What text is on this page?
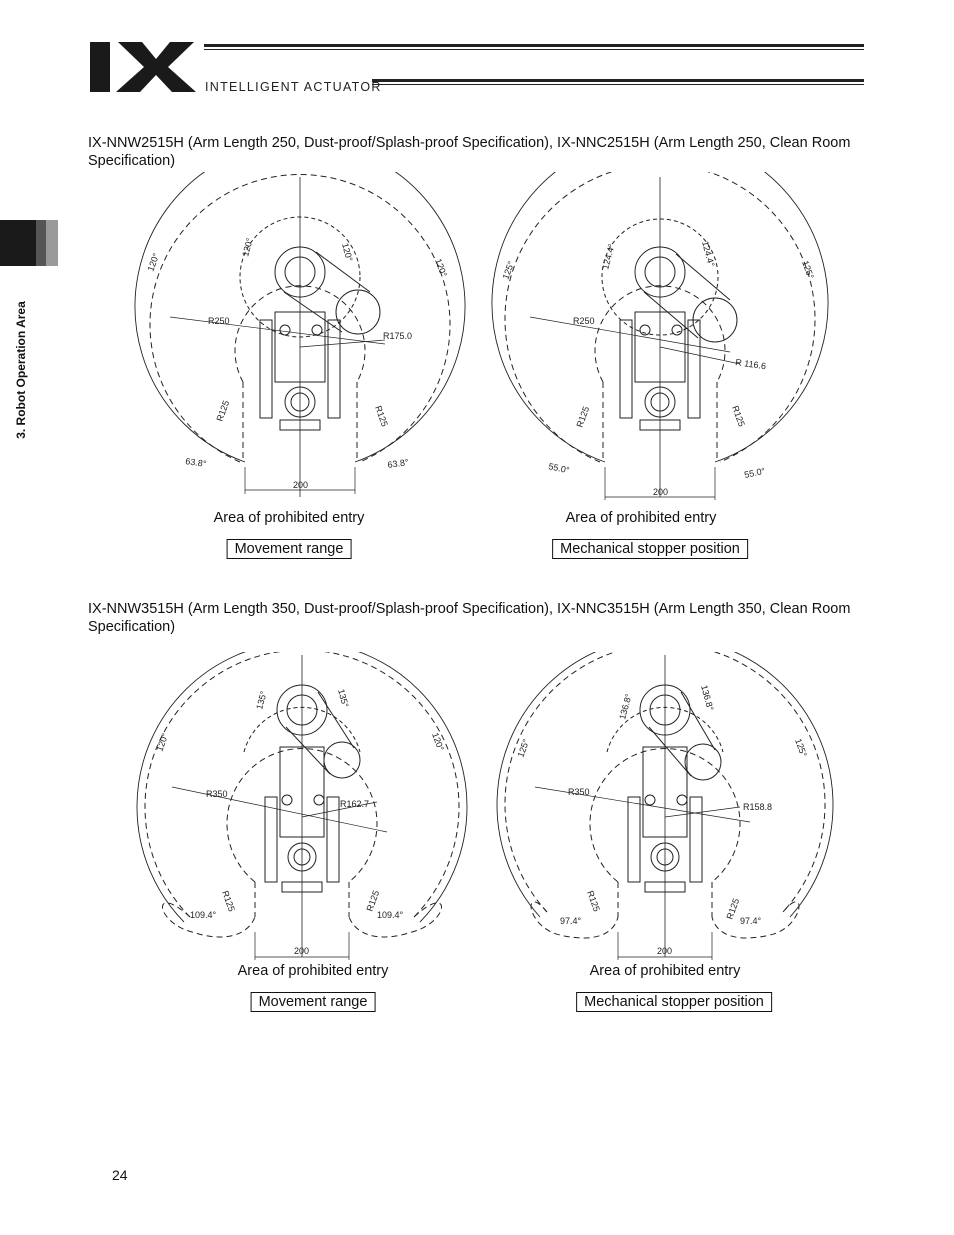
INTELLIGENT ACTUATOR
3. Robot Operation Area
IX-NNW2515H (Arm Length 250, Dust-proof/Splash-proof Specification), IX-NNC2515H (Arm Length 250, Clean Room Specification)
R250
R175.0
R125	R125
120°	120°
120°	120°
63.8°	63.8°
200
Area of prohibited entry
Movement range
R250
R 116.6
R125	R125
124.4°	124.4°
125°	125°
55.0°	55.0°
200
Area of prohibited entry
Mechanical stopper position
IX-NNW3515H (Arm Length 350, Dust-proof/Splash-proof Specification), IX-NNC3515H (Arm Length 350, Clean Room Specification)
R350
R162.7
R125	R125
135°	135°
120°	120°
109.4°	109.4°
200
Area of prohibited entry
Movement range
R350
R158.8
R125	R125
136.8°	136.8°
125°	125°
97.4°	97.4°
200
Area of prohibited entry
Mechanical stopper position
24
